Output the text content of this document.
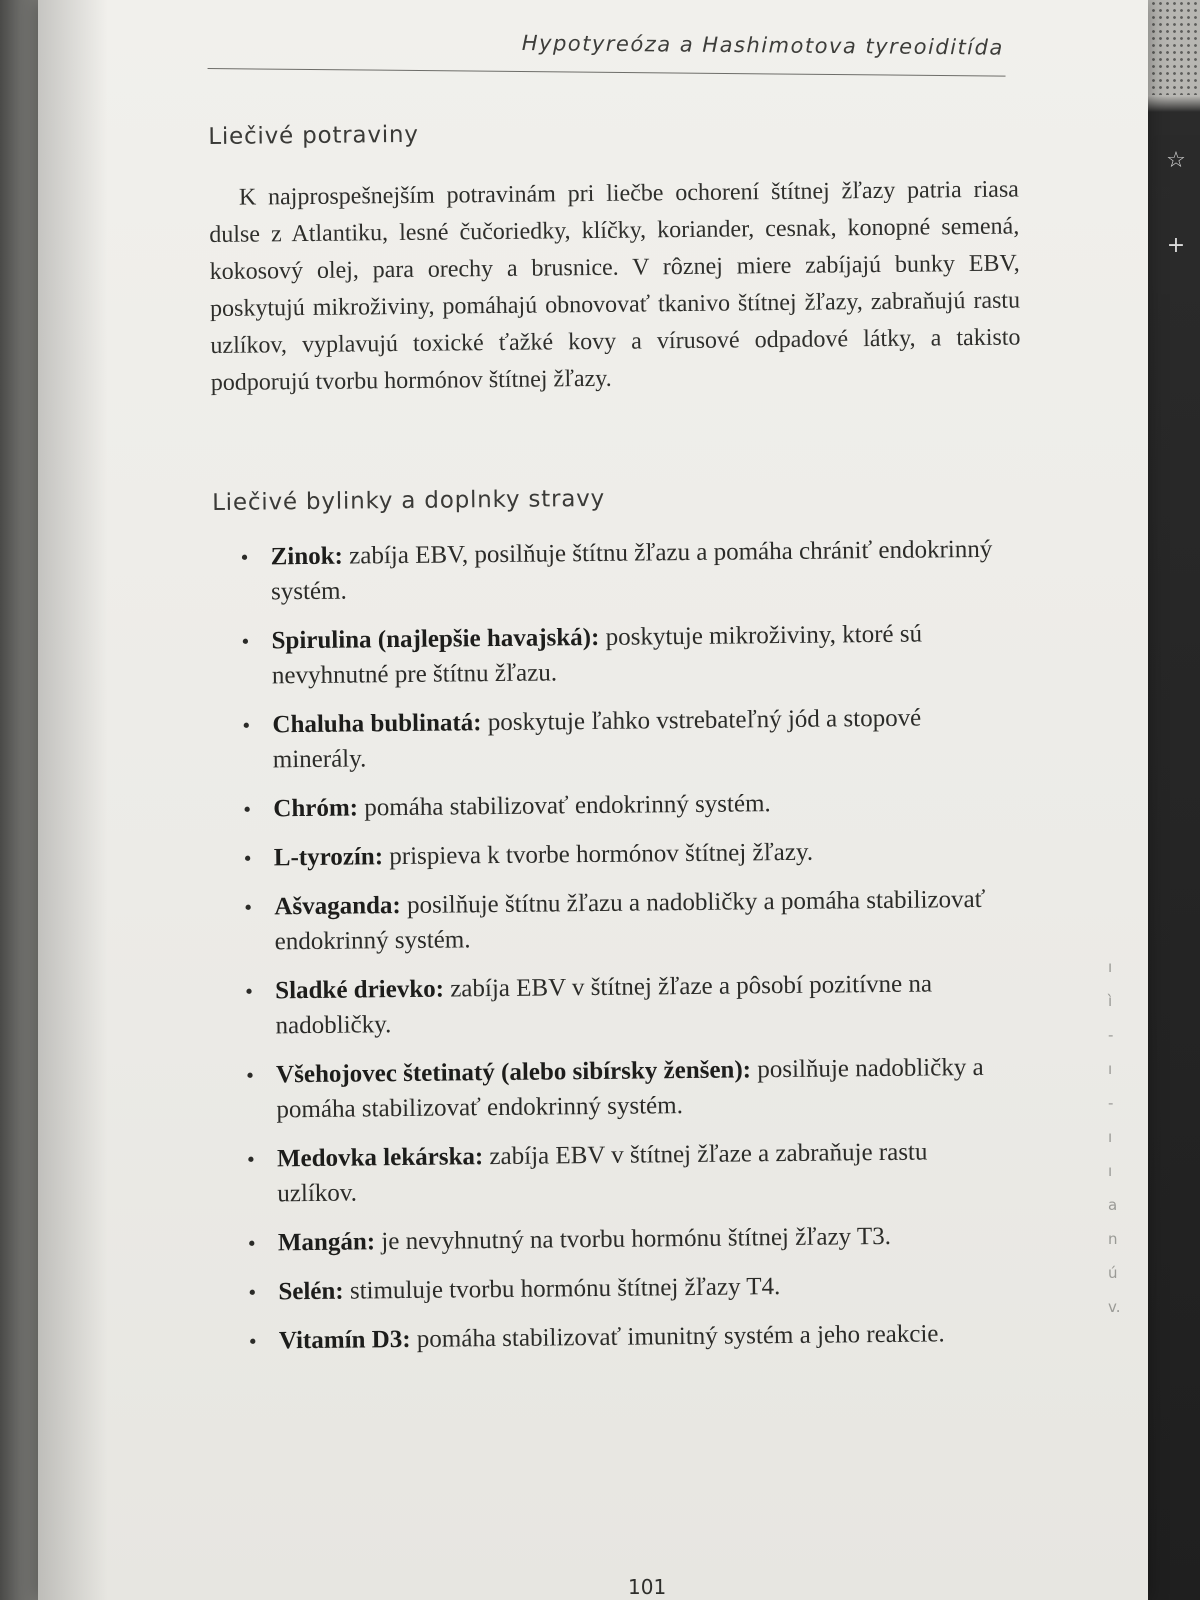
☆
+
Hypotyreóza a Hashimotova tyreoiditída
Liečivé potraviny

K najprospešnejším potravinám pri liečbe ochorení štítnej žľazy patria riasa dulse z Atlantiku, lesné čučoriedky, klíčky, koriander, cesnak, konopné semená, kokosový olej, para orechy a brusnice. V rôznej miere zabíjajú bunky EBV, poskytujú mikroživiny, pomáhajú obnovovať tkanivo štítnej žľazy, zabraňujú rastu uzlíkov, vyplavujú toxické ťažké kovy a vírusové odpadové látky, a takisto podporujú tvorbu hormónov štítnej žľazy.

Liečivé bylinky a doplnky stravy
• Zinok: zabíja EBV, posilňuje štítnu žľazu a pomáha chrániť endokrinný systém.
• Spirulina (najlepšie havajská): poskytuje mikroživiny, ktoré sú nevyhnutné pre štítnu žľazu.
• Chaluha bublinatá: poskytuje ľahko vstrebateľný jód a stopové minerály.
• Chróm: pomáha stabilizovať endokrinný systém.
• L-tyrozín: prispieva k tvorbe hormónov štítnej žľazy.
• Ašvaganda: posilňuje štítnu žľazu a nadobličky a pomáha stabilizovať endokrinný systém.
• Sladké drievko: zabíja EBV v štítnej žľaze a pôsobí pozitívne na nadobličky.
• Všehojovec štetinatý (alebo sibírsky ženšen): posilňuje nadobličky a pomáha stabilizovať endokrinný systém.
• Medovka lekárska: zabíja EBV v štítnej žľaze a zabraňuje rastu uzlíkov.
• Mangán: je nevyhnutný na tvorbu hormónu štítnej žľazy T3.
• Selén: stimuluje tvorbu hormónu štítnej žľazy T4.
• Vitamín D3: pomáha stabilizovať imunitný systém a jeho reakcie.
101
ı
ì
-
ı
-
ı
ı
a
n
ú
v.
